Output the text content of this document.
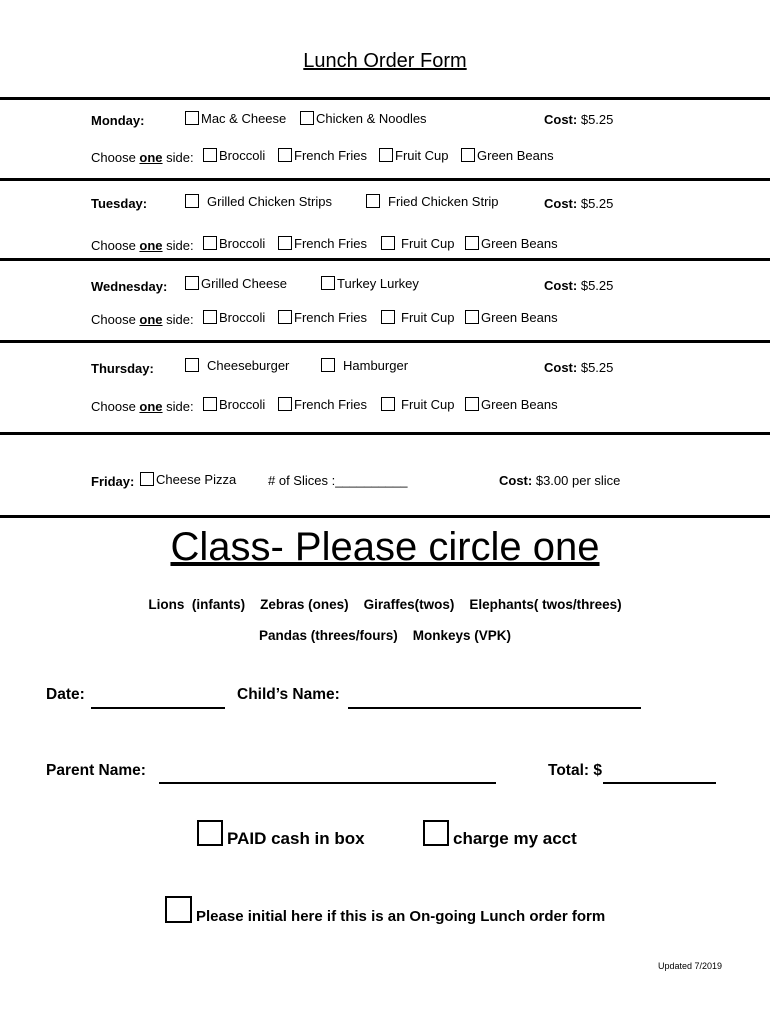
Lunch Order Form
Monday:	Mac & Cheese	Chicken & Noodles	Cost: $5.25
Choose one side:	Broccoli	French Fries	Fruit Cup	Green Beans
Tuesday:	Grilled Chicken Strips	Fried Chicken Strip	Cost: $5.25
Choose one side:	Broccoli	French Fries	Fruit Cup	Green Beans
Wednesday:	Grilled Cheese	Turkey Lurkey	Cost: $5.25
Choose one side:	Broccoli	French Fries	Fruit Cup	Green Beans
Thursday:	Cheeseburger	Hamburger	Cost: $5.25
Choose one side:	Broccoli	French Fries	Fruit Cup	Green Beans
Friday:	Cheese Pizza # of Slices :__________	Cost: $3.00 per slice
Class- Please circle one
Lions  (infants)    Zebras (ones)    Giraffes(twos)    Elephants( twos/threes)
Pandas (threes/fours)    Monkeys (VPK)
Date:	Child’s Name:
Parent Name:	Total: $
PAID cash in box	charge my acct
Please initial here if this is an On-going Lunch order form
Updated 7/2019
